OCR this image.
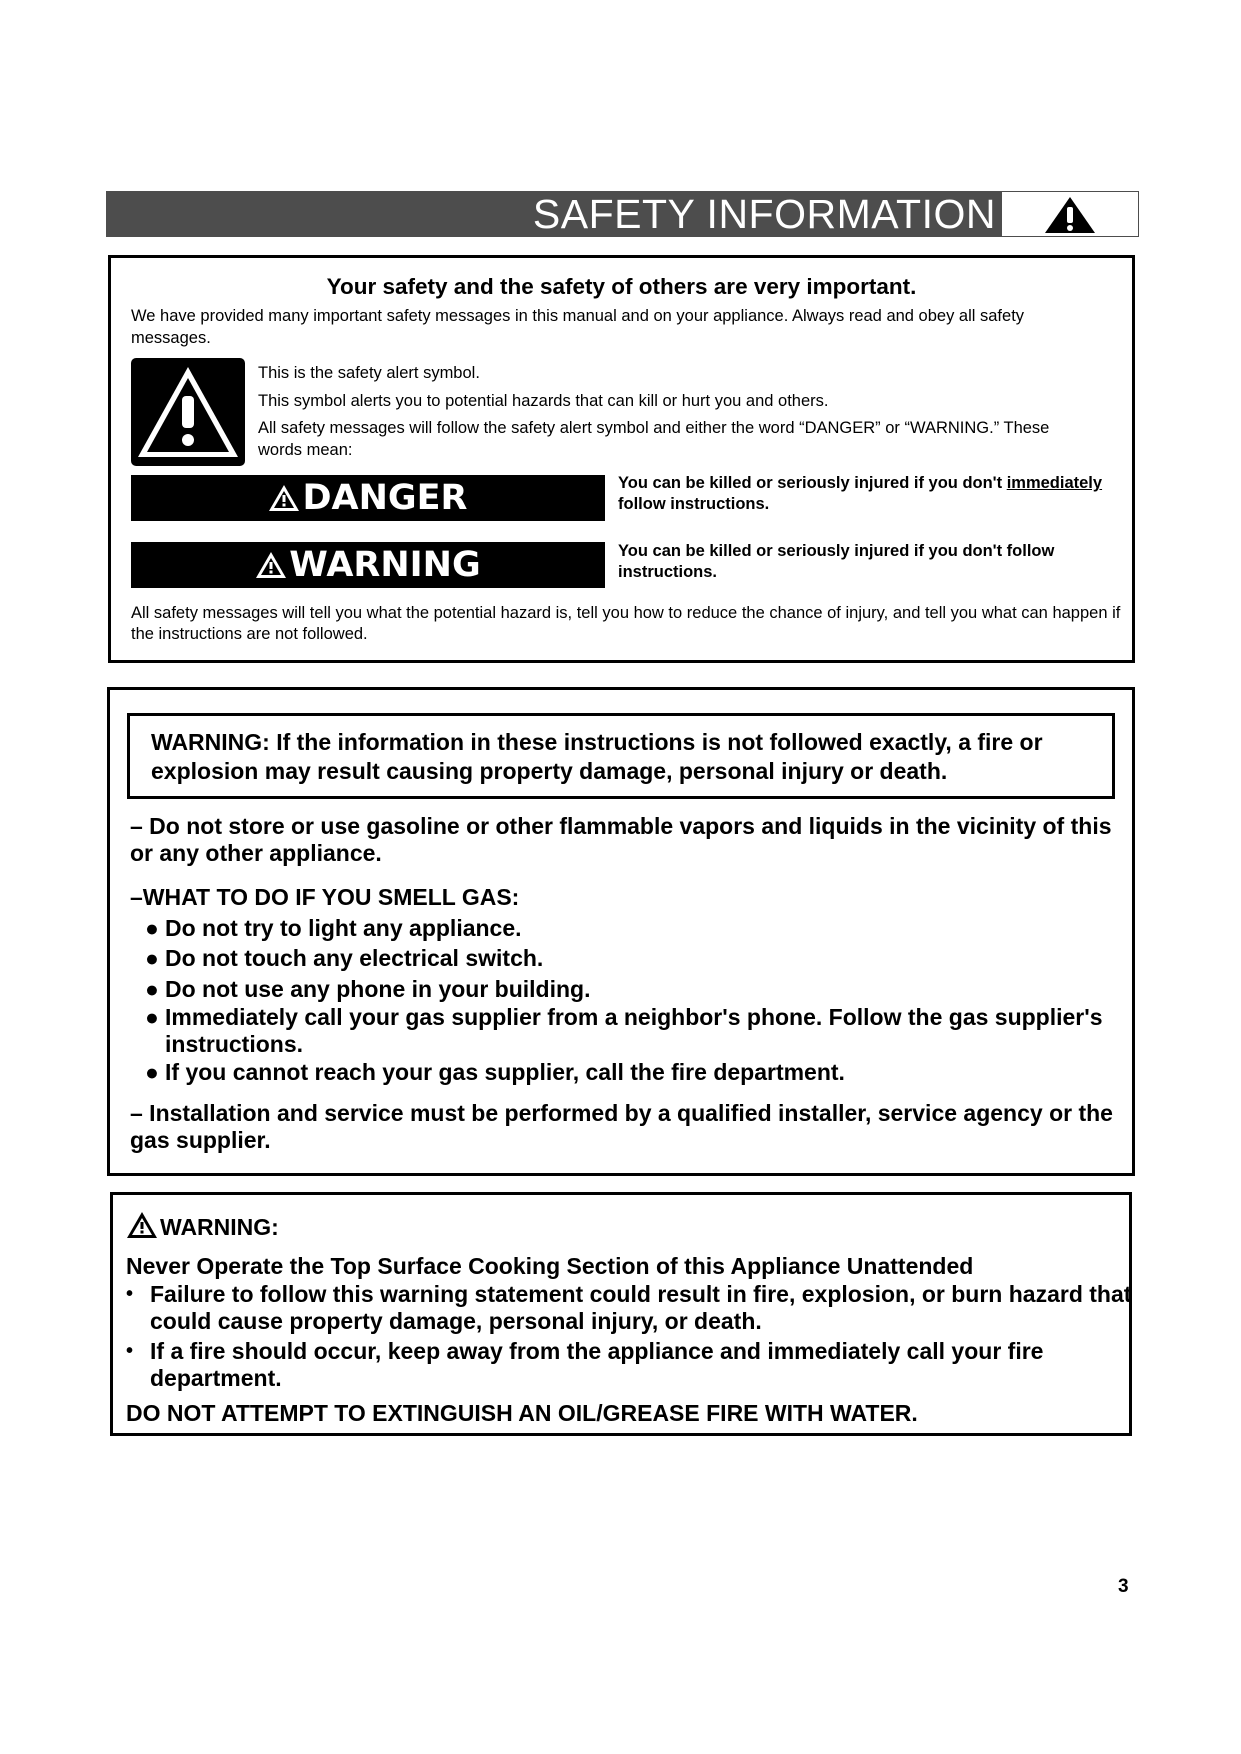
SAFETY INFORMATION
Your safety and the safety of others are very important.
We have provided many important safety messages in this manual and on your appliance. Always read and obey all safety messages.
This is the safety alert symbol.
This symbol alerts you to potential hazards that can kill or hurt you and others.
All safety messages will follow the safety alert symbol and either the word “DANGER” or “WARNING.” These words mean:
DANGER	You can be killed or seriously injured if you don't immediately follow instructions.
WARNING	You can be killed or seriously injured if you don't follow instructions.
All safety messages will tell you what the potential hazard is, tell you how to reduce the chance of injury, and tell you what can happen if the instructions are not followed.
WARNING: If the information in these instructions is not followed exactly, a fire or explosion may result causing property damage, personal injury or death.
– Do not store or use gasoline or other flammable vapors and liquids in the vicinity of this or any other appliance.
–WHAT TO DO IF YOU SMELL GAS:
● Do not try to light any appliance.
● Do not touch any electrical switch.
● Do not use any phone in your building.
● Immediately call your gas supplier from a neighbor's phone. Follow the gas supplier's instructions.
● If you cannot reach your gas supplier, call the fire department.
– Installation and service must be performed by a qualified installer, service agency or the gas supplier.
WARNING:
Never Operate the Top Surface Cooking Section of this Appliance Unattended
• Failure to follow this warning statement could result in fire, explosion, or burn hazard that could cause property damage, personal injury, or death.
• If a fire should occur, keep away from the appliance and immediately call your fire department.
DO NOT ATTEMPT TO EXTINGUISH AN OIL/GREASE FIRE WITH WATER.
3
